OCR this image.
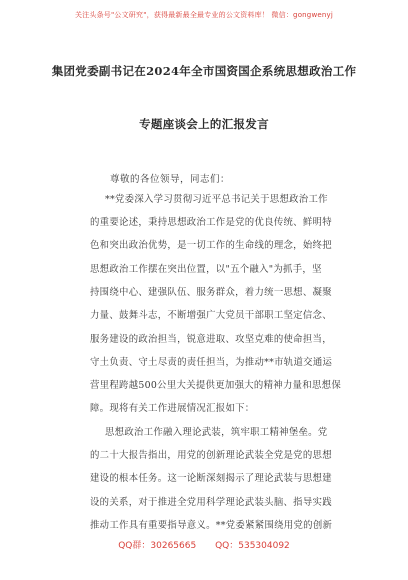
关注头条号"公文研究"，获得最新最全最专业的公文资料库！ 微信：gongwenyj
集团党委副书记在2024年全市国资国企系统思想政治工作
专题座谈会上的汇报发言
尊敬的各位领导，同志们：
**党委深入学习贯彻习近平总书记关于思想政治工作
的重要论述，秉持思想政治工作是党的优良传统、鲜明特
色和突出政治优势，是一切工作的生命线的理念，始终把
思想政治工作摆在突出位置，以"五个融入"为抓手，坚
持围绕中心、建强队伍、服务群众，着力统一思想、凝聚
力量、鼓舞斗志，不断增强广大党员干部职工坚定信念、
服务建设的政治担当，锐意进取、攻坚克难的使命担当，
守土负责、守土尽责的责任担当，为推动**市轨道交通运
营里程跨越500公里大关提供更加强大的精神力量和思想保
障。现将有关工作进展情况汇报如下：
思想政治工作融入理论武装，筑牢职工精神堡垒。党
的二十大报告指出，用党的创新理论武装全党是党的思想
建设的根本任务。这一论断深刻揭示了理论武装与思想建
设的关系，对于推进全党用科学理论武装头脑、指导实践
推动工作具有重要指导意义。**党委紧紧围绕用党的创新
QQ群：30265665 QQ：535304092
